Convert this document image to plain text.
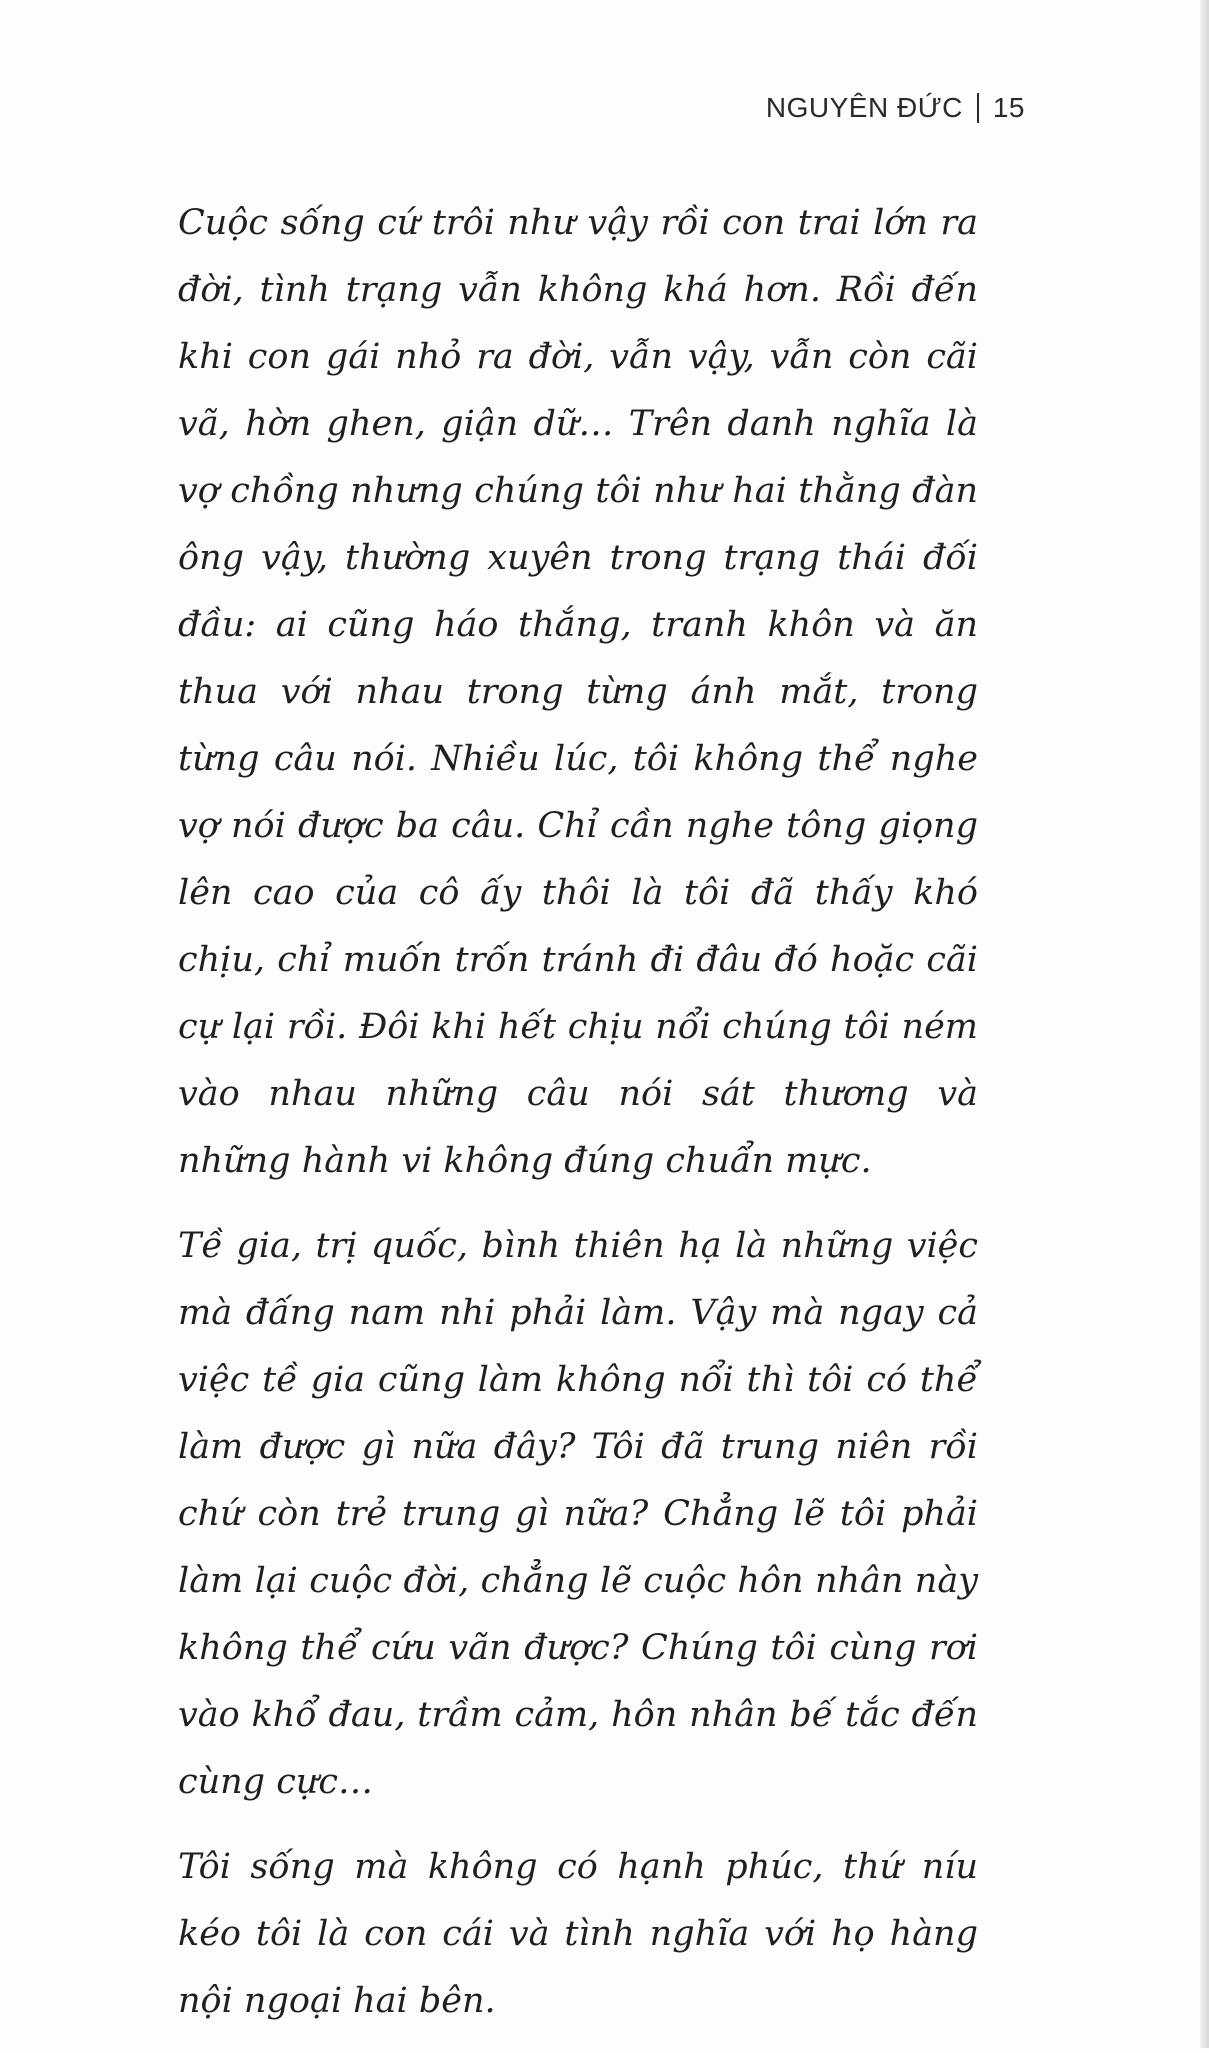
NGUYÊN ĐỨC 15

Cuộc sống cứ trôi như vậy rồi con trai lớn ra đời, tình trạng vẫn không khá hơn. Rồi đến khi con gái nhỏ ra đời, vẫn vậy, vẫn còn cãi vã, hờn ghen, giận dữ… Trên danh nghĩa là vợ chồng nhưng chúng tôi như hai thằng đàn ông vậy, thường xuyên trong trạng thái đối đầu: ai cũng háo thắng, tranh khôn và ăn thua với nhau trong từng ánh mắt, trong từng câu nói. Nhiều lúc, tôi không thể nghe vợ nói được ba câu. Chỉ cần nghe tông giọng lên cao của cô ấy thôi là tôi đã thấy khó chịu, chỉ muốn trốn tránh đi đâu đó hoặc cãi cự lại rồi. Đôi khi hết chịu nổi chúng tôi ném vào nhau những câu nói sát thương và những hành vi không đúng chuẩn mực.

Tề gia, trị quốc, bình thiên hạ là những việc mà đấng nam nhi phải làm. Vậy mà ngay cả việc tề gia cũng làm không nổi thì tôi có thể làm được gì nữa đây? Tôi đã trung niên rồi chứ còn trẻ trung gì nữa? Chẳng lẽ tôi phải làm lại cuộc đời, chẳng lẽ cuộc hôn nhân này không thể cứu vãn được? Chúng tôi cùng rơi vào khổ đau, trầm cảm, hôn nhân bế tắc đến cùng cực…

Tôi sống mà không có hạnh phúc, thứ níu kéo tôi là con cái và tình nghĩa với họ hàng nội ngoại hai bên.
